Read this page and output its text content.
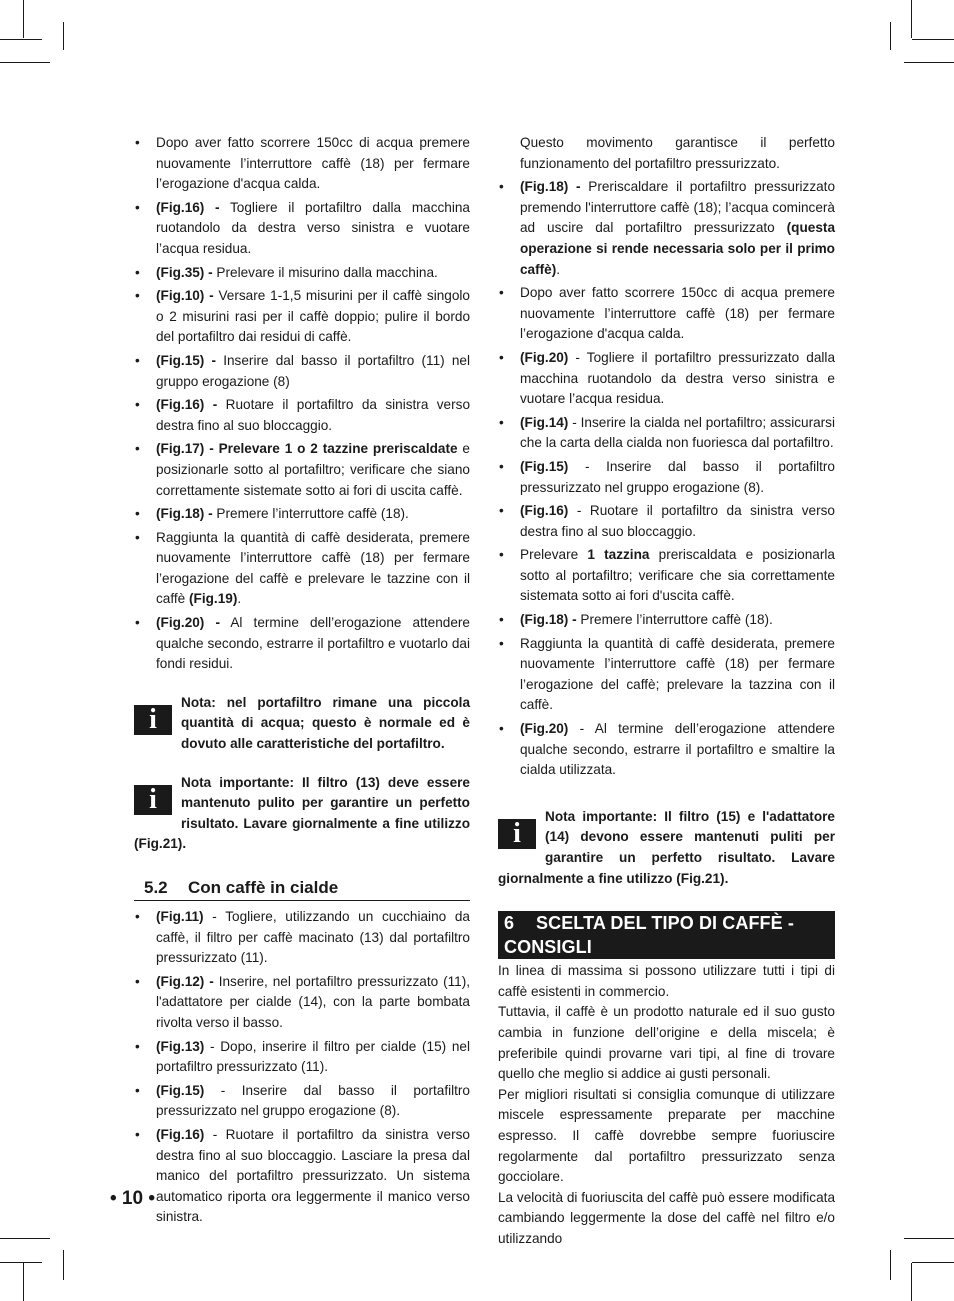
• Dopo aver fatto scorrere 150cc di acqua premere nuovamente l’interruttore caffè (18) per fermare l’erogazione d'acqua calda.
• (Fig.16) - Togliere il portafiltro dalla macchina ruotandolo da destra verso sinistra e vuotare l’acqua residua.
• (Fig.35) - Prelevare il misurino dalla macchina.
• (Fig.10) - Versare 1-1,5 misurini per il caffè singolo o 2 misurini rasi per il caffè doppio; pulire il bordo del portafiltro dai residui di caffè.
• (Fig.15) - Inserire dal basso il portafiltro (11) nel gruppo erogazione (8)
• (Fig.16) - Ruotare il portafiltro da sinistra verso destra fino al suo bloccaggio.
• (Fig.17) - Prelevare 1 o 2 tazzine preriscaldate e posizionarle sotto al portafiltro; verificare che siano correttamente sistemate sotto ai fori di uscita caffè.
• (Fig.18) - Premere l’interruttore caffè (18).
• Raggiunta la quantità di caffè desiderata, premere nuovamente l’interruttore caffè (18) per fermare l’erogazione del caffè e prelevare le tazzine con il caffè (Fig.19).
• (Fig.20) - Al termine dell’erogazione attendere qualche secondo, estrarre il portafiltro e vuotarlo dai fondi residui.
i
Nota: nel portafiltro rimane una piccola quantità di acqua; questo è normale ed è dovuto alle caratteristiche del portafiltro.
i
Nota importante: Il filtro (13) deve essere mantenuto pulito per garantire un perfetto risultato. Lavare giornalmente a fine utilizzo (Fig.21).
5.2 Con caffè in cialde
• (Fig.11) - Togliere, utilizzando un cucchiaino da caffè, il filtro per caffè macinato (13) dal portafiltro pressurizzato (11).
• (Fig.12) - Inserire, nel portafiltro pressurizzato (11), l'adattatore per cialde (14), con la parte bombata rivolta verso il basso.
• (Fig.13) - Dopo, inserire il filtro per cialde (15) nel portafiltro pressurizzato (11).
• (Fig.15) - Inserire dal basso il portafiltro pressurizzato nel gruppo erogazione (8).
• (Fig.16) - Ruotare il portafiltro da sinistra verso destra fino al suo bloccaggio. Lasciare la presa dal manico del portafiltro pressurizzato. Un sistema automatico riporta ora leggermente il manico verso sinistra.

Questo movimento garantisce il perfetto funzionamento del portafiltro pressurizzato.

• (Fig.18) - Preriscaldare il portafiltro pressurizzato premendo l'interruttore caffè (18); l’acqua comincerà ad uscire dal portafiltro pressurizzato (questa operazione si rende necessaria solo per il primo caffè).
• Dopo aver fatto scorrere 150cc di acqua premere nuovamente l’interruttore caffè (18) per fermare l’erogazione d'acqua calda.
• (Fig.20) - Togliere il portafiltro pressurizzato dalla macchina ruotandolo da destra verso sinistra e vuotare l’acqua residua.
• (Fig.14) - Inserire la cialda nel portafiltro; assicurarsi che la carta della cialda non fuoriesca dal portafiltro.
• (Fig.15) - Inserire dal basso il portafiltro pressurizzato nel gruppo erogazione (8).
• (Fig.16) - Ruotare il portafiltro da sinistra verso destra fino al suo bloccaggio.
• Prelevare 1 tazzina preriscaldata e posizionarla sotto al portafiltro; verificare che sia correttamente sistemata sotto ai fori d'uscita caffè.
• (Fig.18) - Premere l’interruttore caffè (18).
• Raggiunta la quantità di caffè desiderata, premere nuovamente l’interruttore caffè (18) per fermare l’erogazione del caffè; prelevare la tazzina con il caffè.
• (Fig.20) - Al termine dell’erogazione attendere qualche secondo, estrarre il portafiltro e smaltire la cialda utilizzata.
i
Nota importante: Il filtro (15) e l'adattatore (14) devono essere mantenuti puliti per garantire un perfetto risultato. Lavare giornalmente a fine utilizzo (Fig.21).
6 SCELTA DEL TIPO DI CAFFÈ - CONSIGLI

In linea di massima si possono utilizzare tutti i tipi di caffè esistenti in commercio.

Tuttavia, il caffè è un prodotto naturale ed il suo gusto cambia in funzione dell’origine e della miscela; è preferibile quindi provarne vari tipi, al fine di trovare quello che meglio si addice ai gusti personali.

Per migliori risultati si consiglia comunque di utilizzare miscele espressamente preparate per macchine espresso. Il caffè dovrebbe sempre fuoriuscire regolarmente dal portafiltro pressurizzato senza gocciolare.

La velocità di fuoriuscita del caffè può essere modificata cambiando leggermente la dose del caffè nel filtro e/o utilizzando

• 10 •
